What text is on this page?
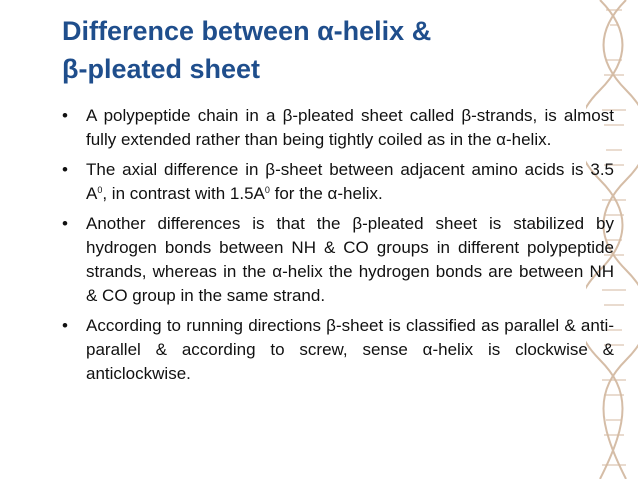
Difference between α-helix &
β-pleated sheet
• A polypeptide chain in a β-pleated sheet called β-strands, is almost fully extended rather than being tightly coiled as in the α-helix.
• The axial difference in β-sheet between adjacent amino acids is 3.5 $A^0$, in contrast with $1.5A^0$ for the α-helix.
• Another differences is that the β-pleated sheet is stabilized by hydrogen bonds between NH & CO groups in different polypeptide strands, whereas in the α-helix the hydrogen bonds are between NH & CO group in the same strand.
• According to running directions β-sheet is classified as parallel & anti-parallel & according to screw, sense α-helix is clockwise & anticlockwise.
